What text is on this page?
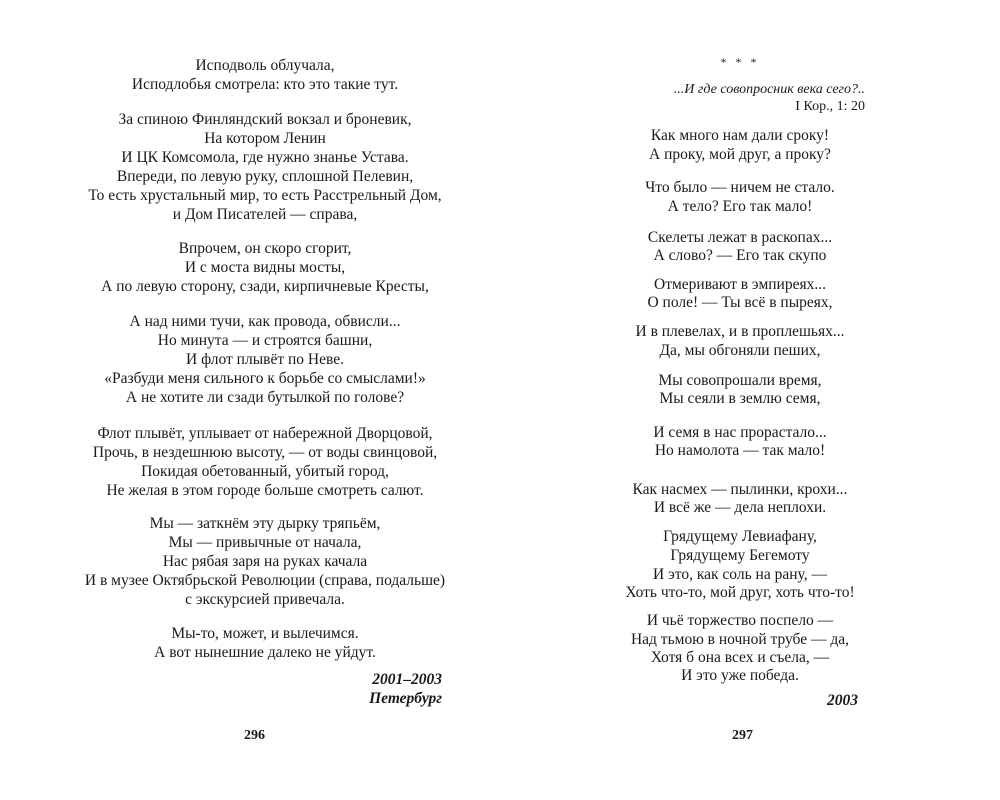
Исподволь облучала,
Исподлобья смотрела: кто это такие тут.
За спиною Финляндский вокзал и броневик,
На котором Ленин
И ЦК Комсомола, где нужно знанье Устава.
Впереди, по левую руку, сплошной Пелевин,
То есть хрустальный мир, то есть Расстрельный Дом,
и Дом Писателей — справа,
Впрочем, он скоро сгорит,
И с моста видны мосты,
А по левую сторону, сзади, кирпичневые Кресты,
А над ними тучи, как провода, обвисли...
Но минута — и строятся башни,
И флот плывёт по Неве.
«Разбуди меня сильного к борьбе со смыслами!»
А не хотите ли сзади бутылкой по голове?
Флот плывёт, уплывает от набережной Дворцовой,
Прочь, в нездешнюю высоту, — от воды свинцовой,
Покидая обетованный, убитый город,
Не желая в этом городе больше смотреть салют.
Мы — заткнём эту дырку тряпьём,
Мы — привычные от начала,
Нас рябая заря на руках качала
И в музее Октябрьской Революции (справа, подальше)
с экскурсией привечала.
Мы-то, может, и вылечимся.
А вот нынешние далеко не уйдут.
2001–2003
Петербург
296
* * *
...И где совопросник века сего?..
I Кор., 1: 20
Как много нам дали сроку!
А проку, мой друг, а проку?
Что было — ничем не стало.
А тело? Его так мало!
Скелеты лежат в раскопах...
А слово? — Его так скупо
Отмеривают в эмпиреях...
О поле! — Ты всё в пыреях,
И в плевелах, и в проплешьях...
Да, мы обгоняли пеших,
Мы совопрошали время,
Мы сеяли в землю семя,
И семя в нас прорастало...
Но намолота — так мало!
Как насмех — пылинки, крохи...
И всё же — дела неплохи.
Грядущему Левиафану,
Грядущему Бегемоту
И это, как соль на рану, —
Хоть что-то, мой друг, хоть что-то!
И чьё торжество поспело —
Над тьмою в ночной трубе — да,
Хотя б она всех и съела, —
И это уже победа.
2003
297
